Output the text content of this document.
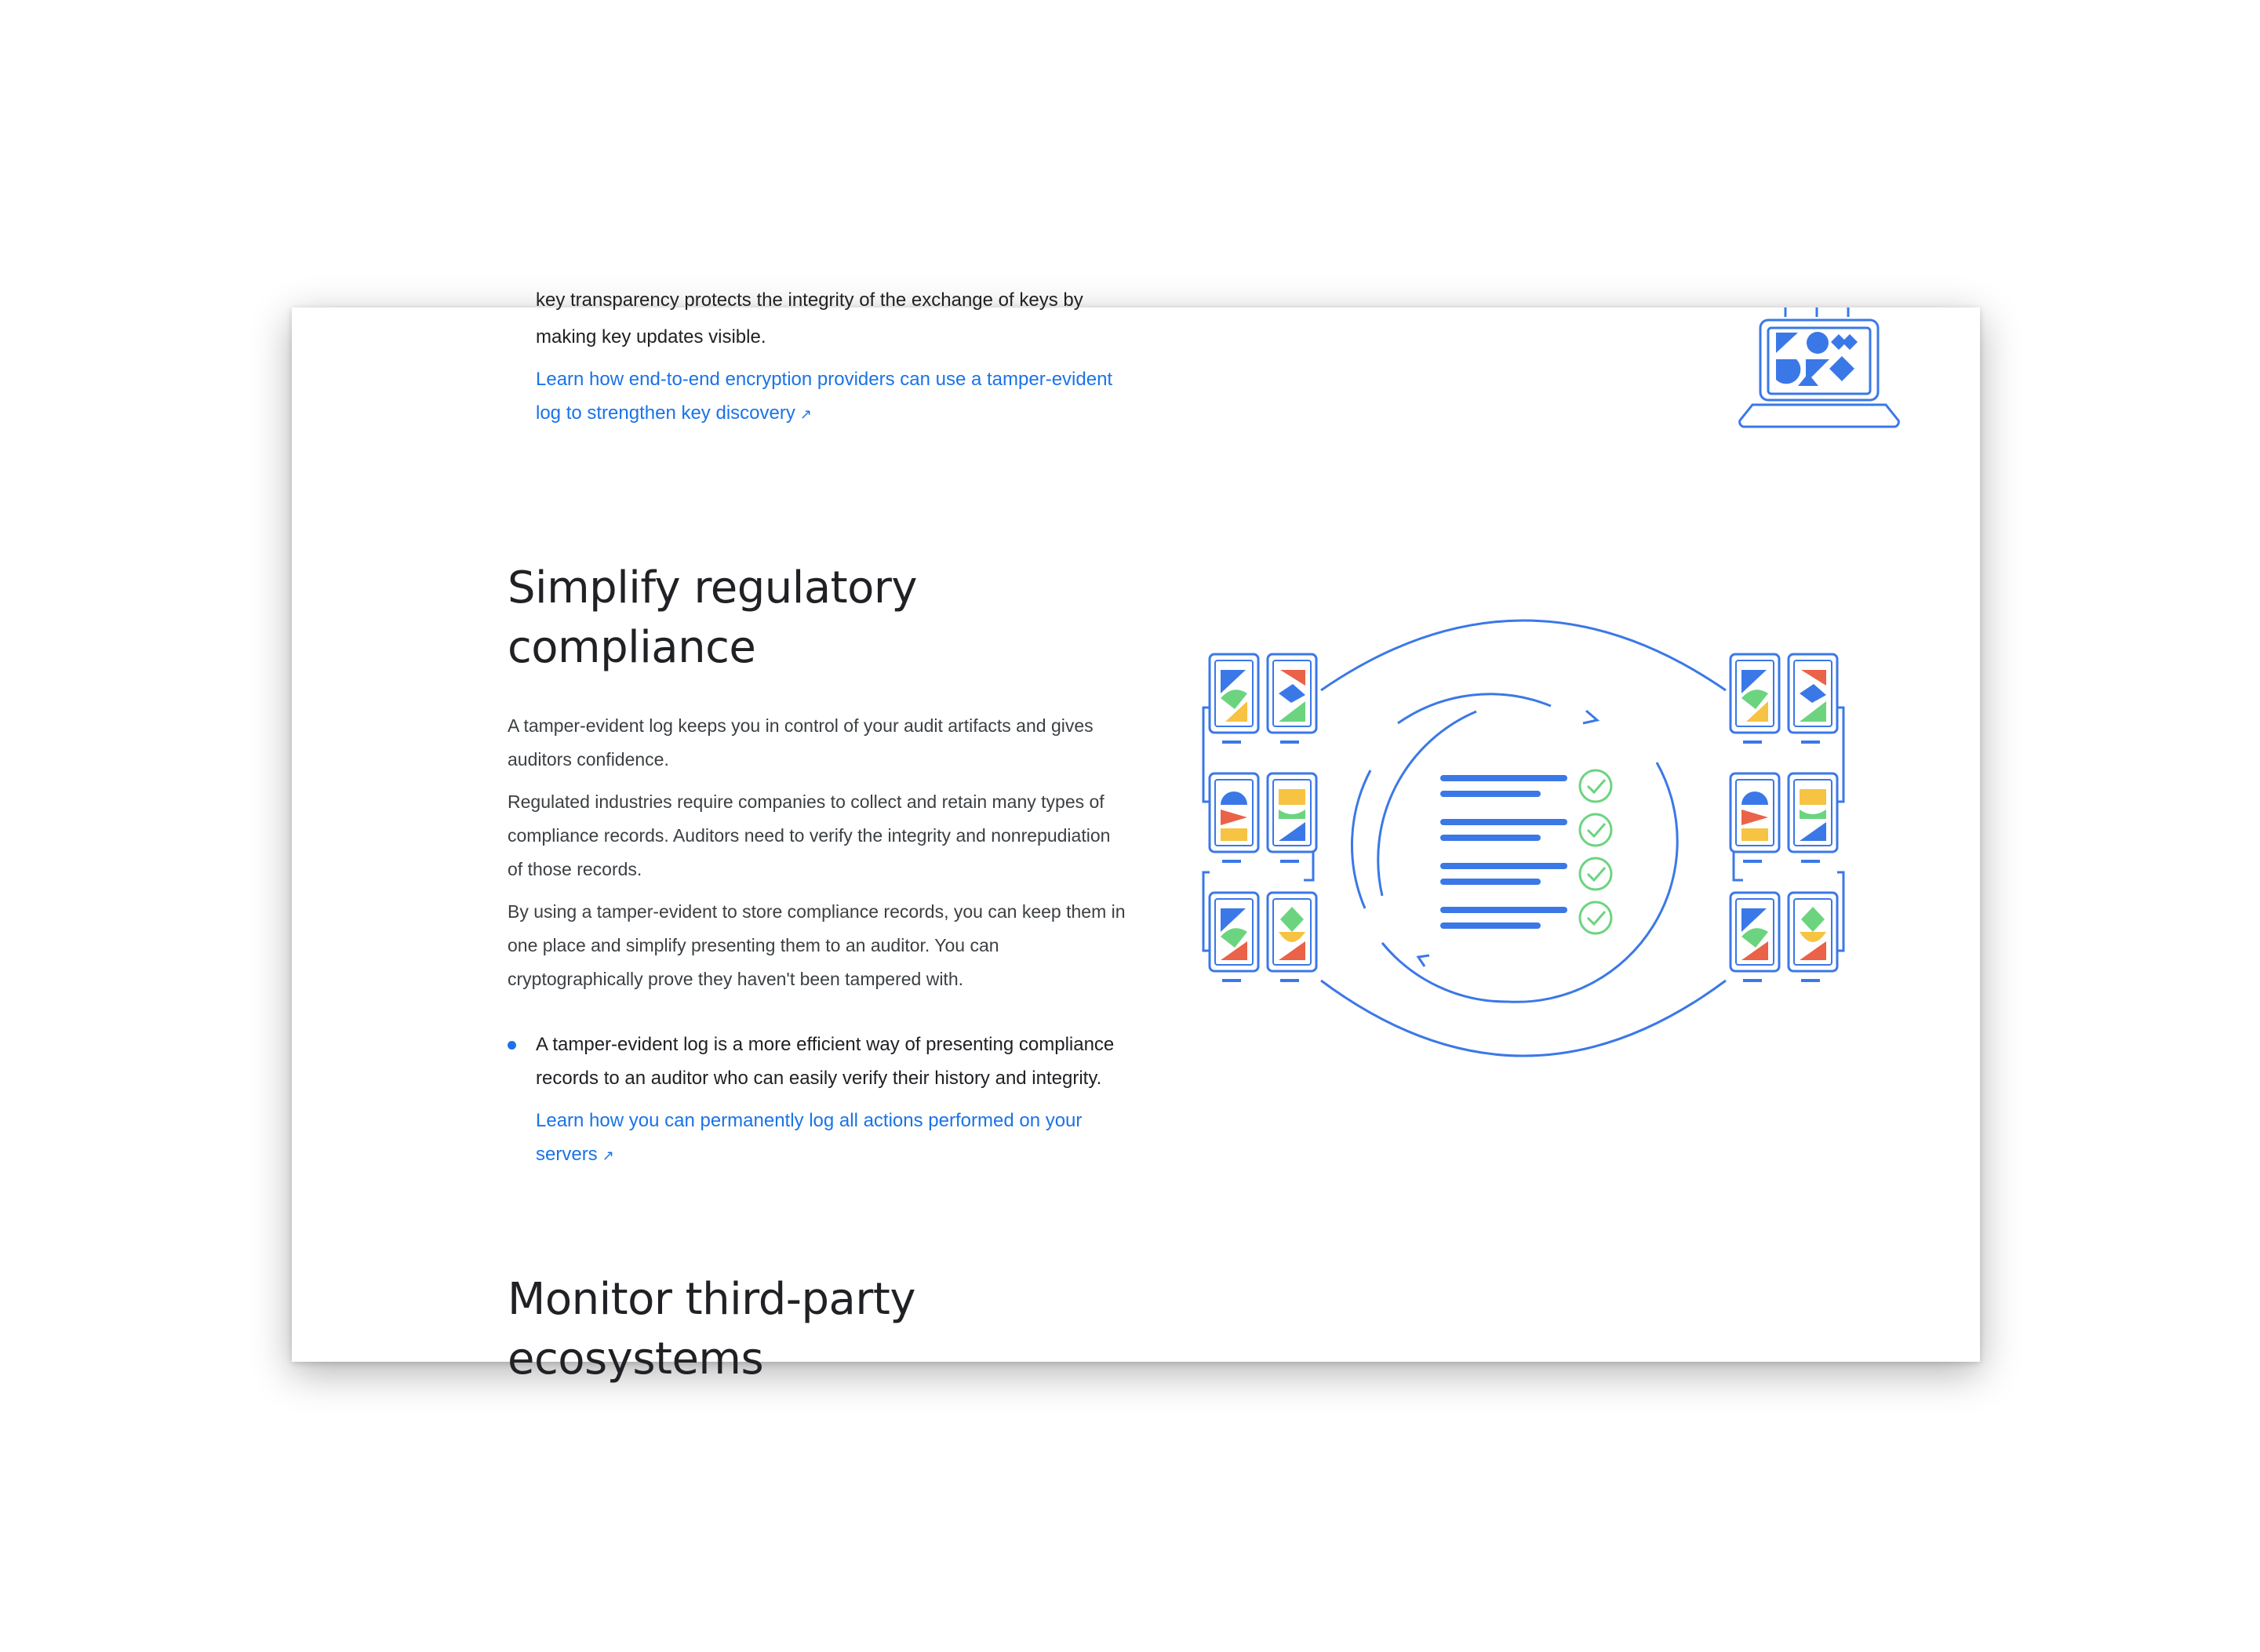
key transparency protects the integrity of the exchange of keys by
making key updates visible.
Learn how end-to-end encryption providers can use a tamper-evident log to strengthen key discovery ↗
Simplify regulatory compliance

A tamper-evident log keeps you in control of your audit artifacts and gives auditors confidence.

Regulated industries require companies to collect and retain many types of compliance records. Auditors need to verify the integrity and nonrepudiation of those records.

By using a tamper-evident to store compliance records, you can keep them in one place and simplify presenting them to an auditor. You can cryptographically prove they haven't been tampered with.

A tamper-evident log is a more efficient way of presenting compliance records to an auditor who can easily verify their history and integrity.
Learn how you can permanently log all actions performed on your servers ↗
Monitor third-party ecosystems
